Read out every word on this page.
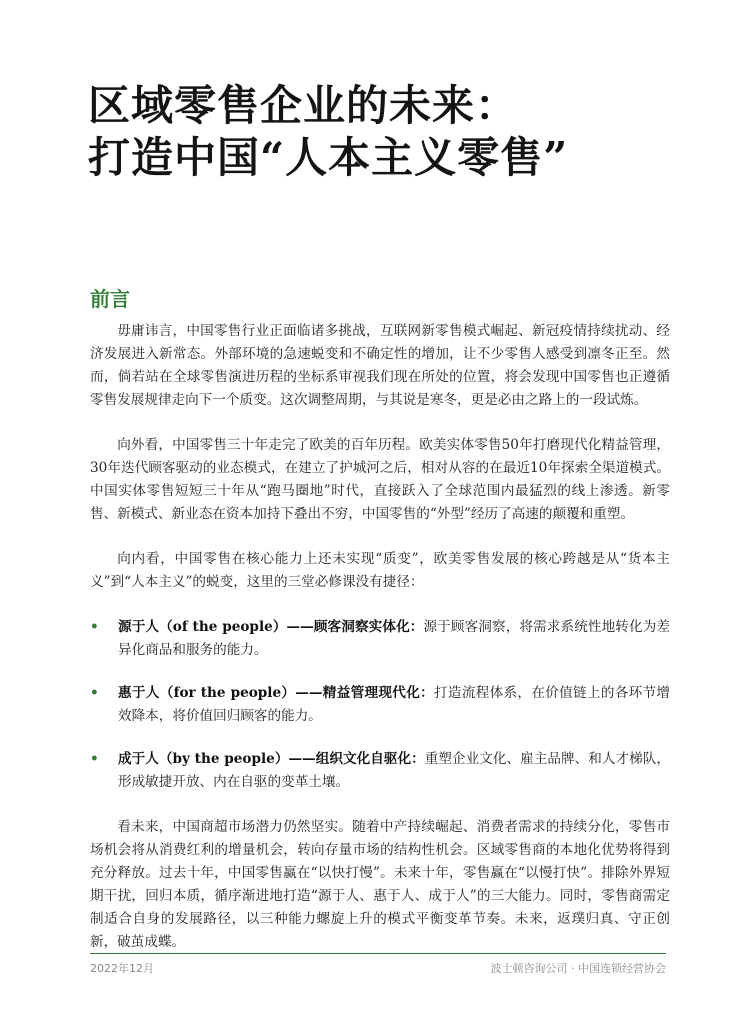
区域零售企业的未来：
打造中国“人本主义零售”
前言

毋庸讳言，中国零售行业正面临诸多挑战，互联网新零售模式崛起、新冠疫情持续扰动、经济发展进入新常态。外部环境的急速蜕变和不确定性的增加，让不少零售人感受到凛冬正至。然而，倘若站在全球零售演进历程的坐标系审视我们现在所处的位置，将会发现中国零售也正遵循零售发展规律走向下一个质变。这次调整周期，与其说是寒冬，更是必由之路上的一段试炼。

向外看，中国零售三十年走完了欧美的百年历程。欧美实体零售50年打磨现代化精益管理，30年迭代顾客驱动的业态模式，在建立了护城河之后，相对从容的在最近10年探索全渠道模式。中国实体零售短短三十年从“跑马圈地”时代，直接跃入了全球范围内最猛烈的线上渗透。新零售、新模式、新业态在资本加持下叠出不穷，中国零售的“外型”经历了高速的颠覆和重塑。

向内看，中国零售在核心能力上还未实现“质变”，欧美零售发展的核心跨越是从“货本主义”到“人本主义”的蜕变，这里的三堂必修课没有捷径：

• 源于人（of the people）——顾客洞察实体化：源于顾客洞察，将需求系统性地转化为差异化商品和服务的能力。
• 惠于人（for the people）——精益管理现代化：打造流程体系，在价值链上的各环节增效降本，将价值回归顾客的能力。
• 成于人（by the people）——组织文化自驱化：重塑企业文化、雇主品牌、和人才梯队，形成敏捷开放、内在自驱的变革土壤。

看未来，中国商超市场潜力仍然坚实。随着中产持续崛起、消费者需求的持续分化，零售市场机会将从消费红利的增量机会，转向存量市场的结构性机会。区域零售商的本地化优势将得到充分释放。过去十年，中国零售赢在“以快打慢”。未来十年，零售赢在“以慢打快”。排除外界短期干扰，回归本质，循序渐进地打造“源于人、惠于人、成于人”的三大能力。同时，零售商需定制适合自身的发展路径，以三种能力螺旋上升的模式平衡变革节奏。未来，返璞归真、守正创新，破茧成蝶。

2022年12月	波士顿咨询公司 · 中国连锁经营协会
